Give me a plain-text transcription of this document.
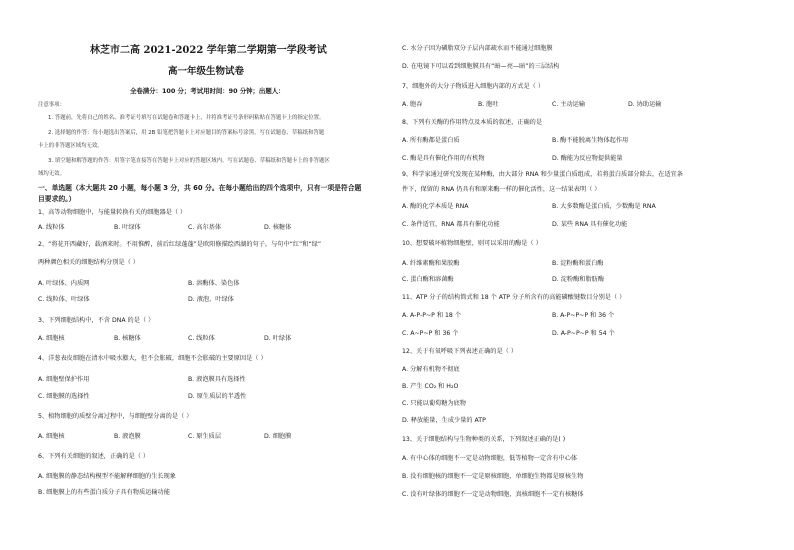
林芝市二高 2021-2022 学年第二学期第一学段考试
高一年级生物试卷
全卷满分：100 分；考试用时间：90 分钟；出题人：
注意事项：
1. 答题前，先将自己的姓名、准考证号填写在试题卷和答题卡上，并将准考证号条形码粘贴在答题卡上的指定位置。
2. 选择题的作答：每小题选出答案后，用 2B 铅笔把答题卡上对应题目的答案标号涂黑，写在试题卷、草稿纸和答题
卡上的非答题区域均无效。
3. 填空题和解答题的作答：用签字笔直接答在答题卡上对应的答题区域内。写在试题卷、草稿纸和答题卡上的非答题区
域均无效。
一、单选题（本大题共 20 小题，每小题 3 分，共 60 分。在每小题给出的四个选项中，只有一项是符合题
目要求的。）
1、高等动物细胞中，与能量转换有关的细胞器是（ ）
A. 线粒体	B. 叶绿体	C. 高尔基体	D. 核糖体
2、“将花开西藏好，载酒来时。不用惟醉，前后红绿蓬蓬”是欧阳修描绘西湖的句子。与句中“红”和“绿”
两种颜色相关的细胞结构分别是（ ）
A. 叶绿体、内质网	B. 溶酶体、染色体
C. 线粒体、叶绿体	D. 液泡、叶绿体
3、下列细胞结构中，不含 DNA 的是（ ）
A. 细胞核	B. 核糖体	C. 线粒体	D. 叶绿体
4、洋葱表皮细胞在清水中吸水膨大，但不会胀破，细胞不会胀破的主要原因是（ ）
A. 细胞壁保护作用	B. 液泡膜具有选择性
C. 细胞膜的选择性	D. 原生质层的半透性
5、植物细胞的质壁分离过程中，与细胞壁分离的是（ ）
A. 细胞核	B. 液泡膜	C. 原生质层	D. 细胞膜
6、下列有关细胞的叙述，正确的是（ ）
A. 细胞膜的静态结构模型不能解释细胞的生长现象
B. 细胞膜上的有些蛋白质分子具有物质运输功能
C. 水分子因为磷脂双分子层内部疏水而不能通过细胞膜
D. 在电镜下可以看到细胞膜具有“暗—亮—暗”的三层结构
7、细胞外的大分子物质进入细胞内部的方式是（ ）
A. 胞吞	B. 胞吐	C. 主动运输	D. 协助运输
8、下列有关酶的作用特点及本质的叙述，正确的是
A. 所有酶都是蛋白质	B. 酶不能脱离生物体起作用
C. 酶是具有催化作用的有机物	D. 酶能为反应物提供能量
9、科学家通过研究发现在某种酶，由大部分 RNA 和少量蛋白质组成，若将蛋白质部分除去，在适宜条
件下，保留的 RNA 仍具有和原来酶一样的催化活性，这一结果表明（ ）
A. 酶的化学本质是 RNA	B. 大多数酶是蛋白质，少数酶是 RNA
C. 条件适宜，RNA 都具有催化功能	D. 某些 RNA 具有催化功能
10、想要破坏植物细胞壁，则可以采用的酶是（ ）
A. 纤维素酶和果胶酶	B. 淀粉酶和蛋白酶
C. 蛋白酶和溶菌酶	D. 淀粉酶和脂肪酶
11、ATP 分子的结构简式和 18 个 ATP 分子所含有的高能磷酸键数目分别是（ ）
A. A-P-P~P 和 18 个	B. A-P~P~P 和 36 个
C. A~P~P 和 36 个	D. A-P~P~P 和 54 个
12、关于有氧呼吸下列表述正确的是（ ）
A. 分解有机物不彻底
B. 产生 CO₂ 和 H₂O
C. 只能以葡萄糖为底物
D. 释放能量，生成少量的 ATP
13、关于细胞结构与生物种类的关系，下列叙述正确的是( )
A. 有中心体的细胞不一定是动物细胞，低等植物一定含有中心体
B. 没有细胞核的细胞不一定是原核细胞，单细胞生物都是原核生物
C. 没有叶绿体的细胞不一定是动物细胞，真核细胞不一定有核糖体
